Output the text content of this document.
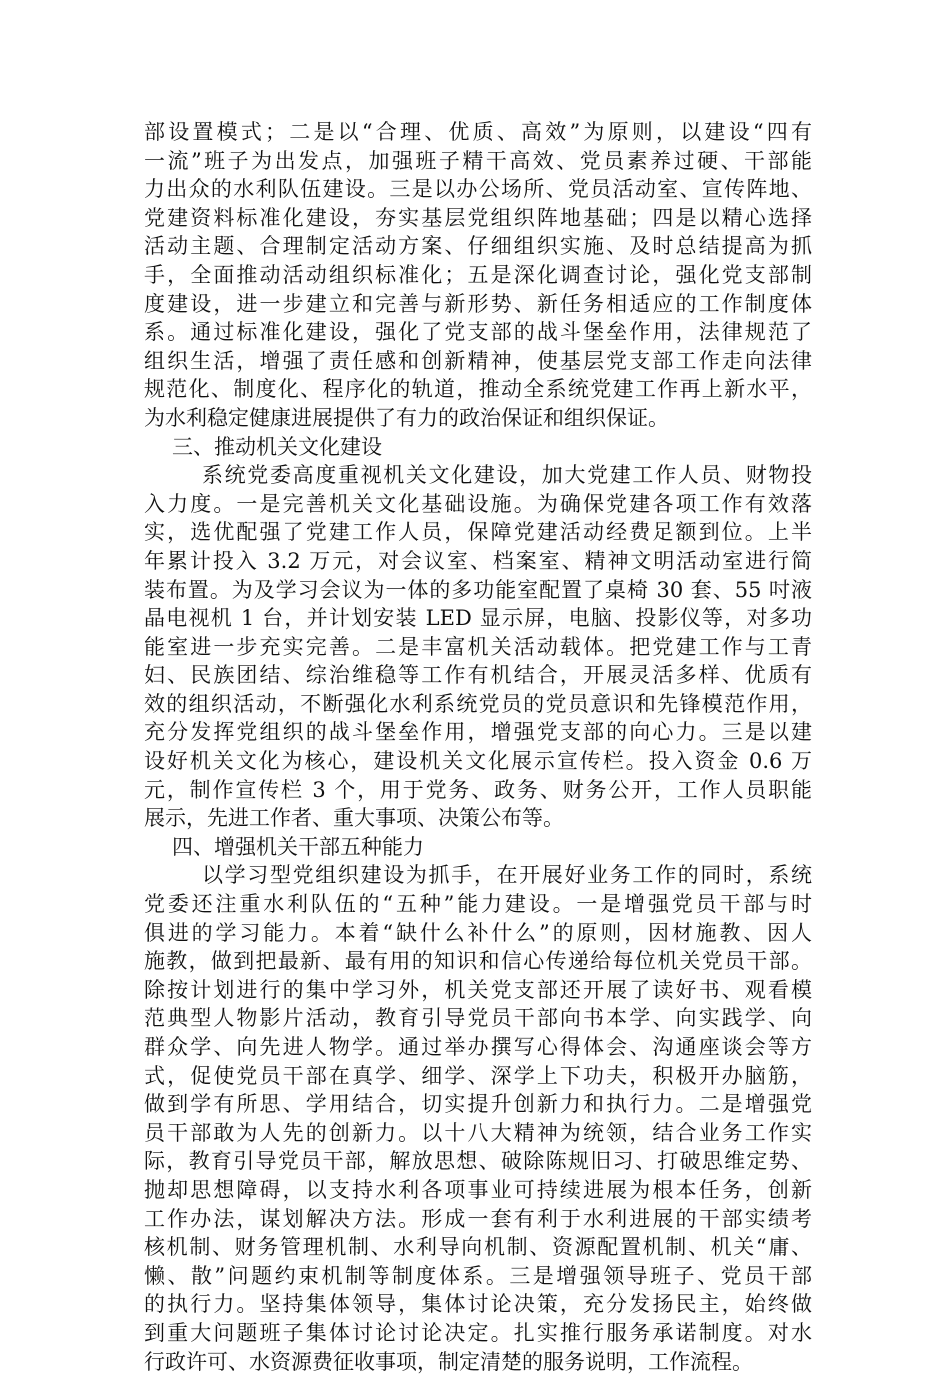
部设置模式；二是以“合理、优质、高效”为原则，以建设“四有
一流”班子为出发点，加强班子精干高效、党员素养过硬、干部能
力出众的水利队伍建设。三是以办公场所、党员活动室、宣传阵地、
党建资料标准化建设，夯实基层党组织阵地基础；四是以精心选择
活动主题、合理制定活动方案、仔细组织实施、及时总结提高为抓
手，全面推动活动组织标准化；五是深化调查讨论，强化党支部制
度建设，进一步建立和完善与新形势、新任务相适应的工作制度体
系。通过标准化建设，强化了党支部的战斗堡垒作用，法律规范了
组织生活，增强了责任感和创新精神，使基层党支部工作走向法律
规范化、制度化、程序化的轨道，推动全系统党建工作再上新水平，
为水利稳定健康进展提供了有力的政治保证和组织保证。
三、推动机关文化建设
系统党委高度重视机关文化建设，加大党建工作人员、财物投
入力度。一是完善机关文化基础设施。为确保党建各项工作有效落
实，选优配强了党建工作人员，保障党建活动经费足额到位。上半
年累计投入 3.2 万元，对会议室、档案室、精神文明活动室进行简
装布置。为及学习会议为一体的多功能室配置了桌椅 30 套、55 吋液
晶电视机 1 台，并计划安装 LED 显示屏，电脑、投影仪等，对多功
能室进一步充实完善。二是丰富机关活动载体。把党建工作与工青
妇、民族团结、综治维稳等工作有机结合，开展灵活多样、优质有
效的组织活动，不断强化水利系统党员的党员意识和先锋模范作用，
充分发挥党组织的战斗堡垒作用，增强党支部的向心力。三是以建
设好机关文化为核心，建设机关文化展示宣传栏。投入资金 0.6 万
元，制作宣传栏 3 个，用于党务、政务、财务公开，工作人员职能
展示，先进工作者、重大事项、决策公布等。
四、增强机关干部五种能力
以学习型党组织建设为抓手，在开展好业务工作的同时，系统
党委还注重水利队伍的“五种”能力建设。一是增强党员干部与时
俱进的学习能力。本着“缺什么补什么”的原则，因材施教、因人
施教，做到把最新、最有用的知识和信心传递给每位机关党员干部。
除按计划进行的集中学习外，机关党支部还开展了读好书、观看模
范典型人物影片活动，教育引导党员干部向书本学、向实践学、向
群众学、向先进人物学。通过举办撰写心得体会、沟通座谈会等方
式，促使党员干部在真学、细学、深学上下功夫，积极开办脑筋，
做到学有所思、学用结合，切实提升创新力和执行力。二是增强党
员干部敢为人先的创新力。以十八大精神为统领，结合业务工作实
际，教育引导党员干部，解放思想、破除陈规旧习、打破思维定势、
抛却思想障碍，以支持水利各项事业可持续进展为根本任务，创新
工作办法，谋划解决方法。形成一套有利于水利进展的干部实绩考
核机制、财务管理机制、水利导向机制、资源配置机制、机关“庸、
懒、散”问题约束机制等制度体系。三是增强领导班子、党员干部
的执行力。坚持集体领导，集体讨论决策，充分发扬民主，始终做
到重大问题班子集体讨论讨论决定。扎实推行服务承诺制度。对水
行政许可、水资源费征收事项，制定清楚的服务说明，工作流程。
